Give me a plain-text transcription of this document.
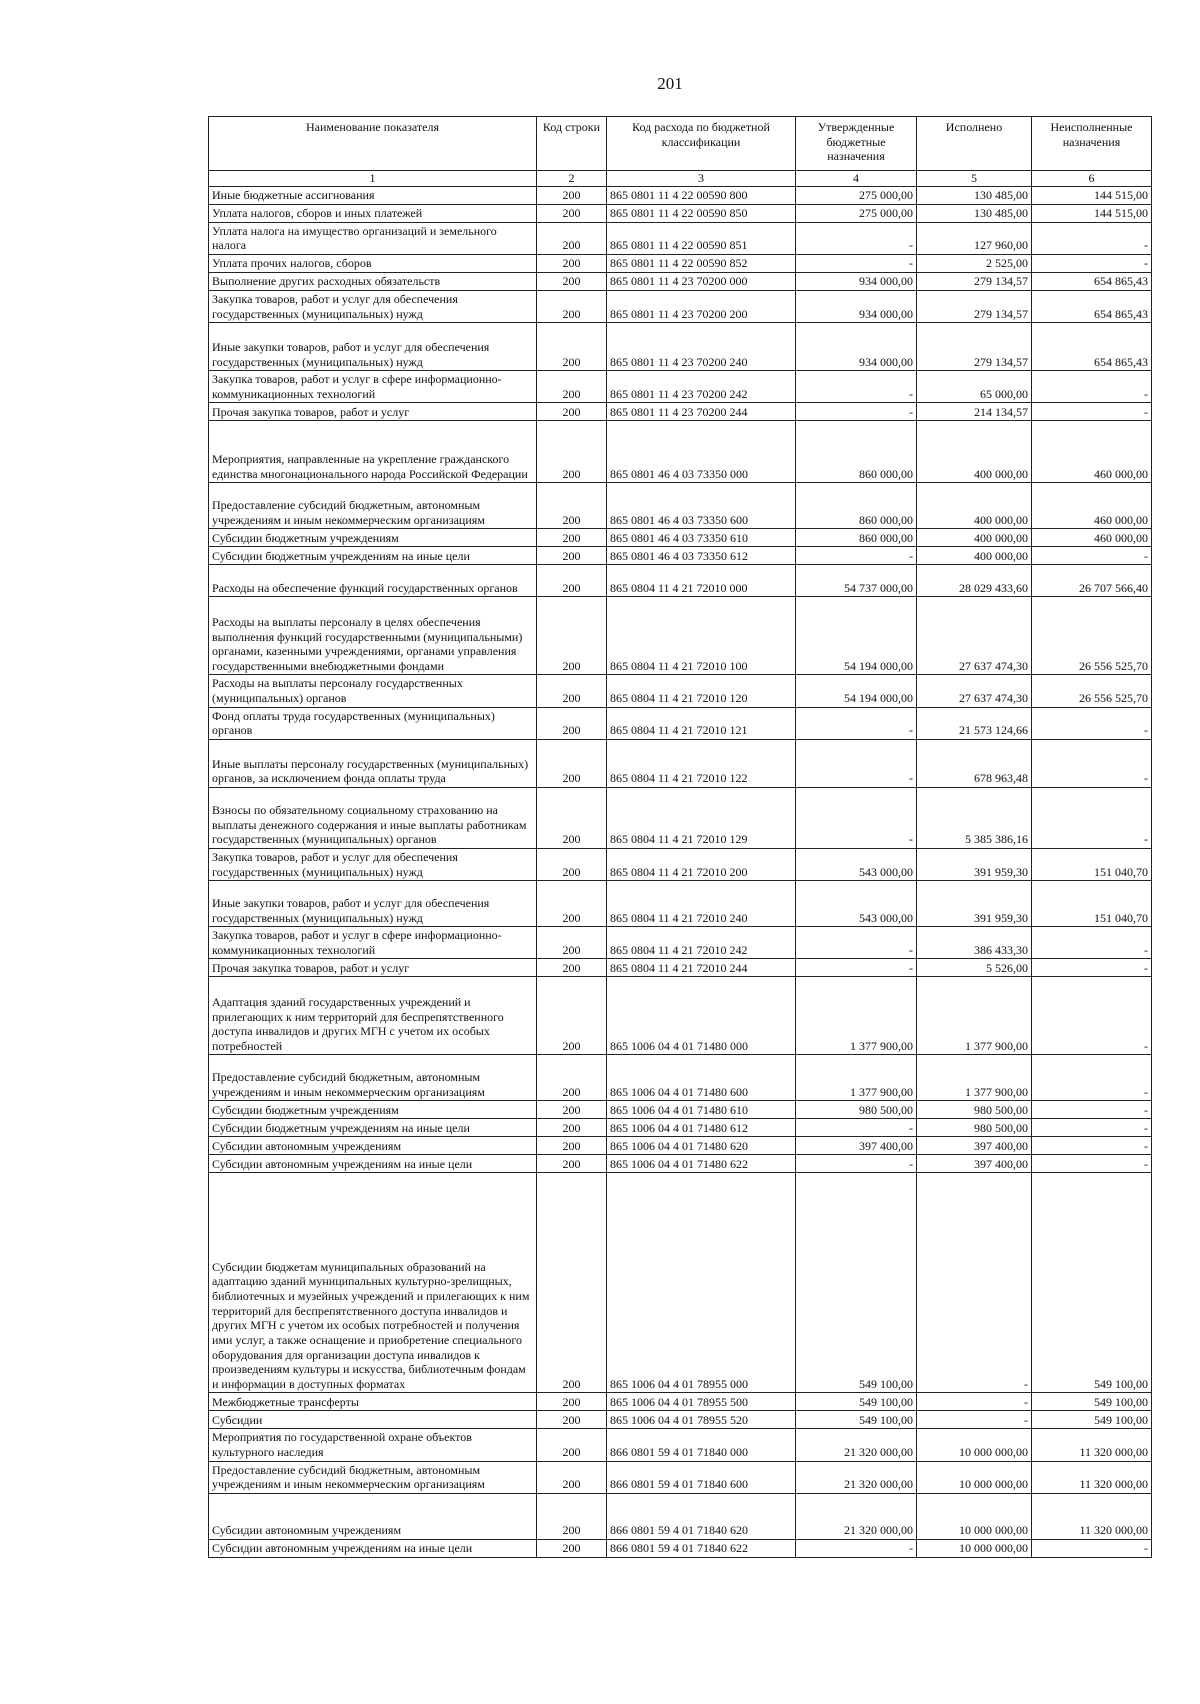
201
Наименование показателя	Код строки	Код расхода по бюджетной классификации	Утвержденные бюджетные назначения	Исполнено	Неисполненные назначения
1	2	3	4	5	6
Иные бюджетные ассигнования	200	865 0801 11 4 22 00590 800	275 000,00	130 485,00	144 515,00
Уплата налогов, сборов и иных платежей	200	865 0801 11 4 22 00590 850	275 000,00	130 485,00	144 515,00
Уплата налога на имущество организаций и земельного налога	200	865 0801 11 4 22 00590 851	-	127 960,00	-
Уплата прочих налогов, сборов	200	865 0801 11 4 22 00590 852	-	2 525,00	-
Выполнение других расходных обязательств	200	865 0801 11 4 23 70200 000	934 000,00	279 134,57	654 865,43
Закупка товаров, работ и услуг для обеспечения государственных (муниципальных) нужд	200	865 0801 11 4 23 70200 200	934 000,00	279 134,57	654 865,43
Иные закупки товаров, работ и услуг для обеспечения государственных (муниципальных) нужд	200	865 0801 11 4 23 70200 240	934 000,00	279 134,57	654 865,43
Закупка товаров, работ и услуг в сфере информационно-коммуникационных технологий	200	865 0801 11 4 23 70200 242	-	65 000,00	-
Прочая закупка товаров, работ и услуг	200	865 0801 11 4 23 70200 244	-	214 134,57	-
Мероприятия, направленные на укрепление гражданского единства многонационального народа Российской Федерации	200	865 0801 46 4 03 73350 000	860 000,00	400 000,00	460 000,00
Предоставление субсидий бюджетным, автономным учреждениям и иным некоммерческим организациям	200	865 0801 46 4 03 73350 600	860 000,00	400 000,00	460 000,00
Субсидии бюджетным учреждениям	200	865 0801 46 4 03 73350 610	860 000,00	400 000,00	460 000,00
Субсидии бюджетным учреждениям на иные цели	200	865 0801 46 4 03 73350 612	-	400 000,00	-
Расходы на обеспечение функций государственных органов	200	865 0804 11 4 21 72010 000	54 737 000,00	28 029 433,60	26 707 566,40
Расходы на выплаты персоналу в целях обеспечения выполнения функций государственными (муниципальными) органами, казенными учреждениями, органами управления государственными внебюджетными фондами	200	865 0804 11 4 21 72010 100	54 194 000,00	27 637 474,30	26 556 525,70
Расходы на выплаты персоналу государственных (муниципальных) органов	200	865 0804 11 4 21 72010 120	54 194 000,00	27 637 474,30	26 556 525,70
Фонд оплаты труда государственных (муниципальных) органов	200	865 0804 11 4 21 72010 121	-	21 573 124,66	-
Иные выплаты персоналу государственных (муниципальных) органов, за исключением фонда оплаты труда	200	865 0804 11 4 21 72010 122	-	678 963,48	-
Взносы по обязательному социальному страхованию на выплаты денежного содержания и иные выплаты работникам государственных (муниципальных) органов	200	865 0804 11 4 21 72010 129	-	5 385 386,16	-
Закупка товаров, работ и услуг для обеспечения государственных (муниципальных) нужд	200	865 0804 11 4 21 72010 200	543 000,00	391 959,30	151 040,70
Иные закупки товаров, работ и услуг для обеспечения государственных (муниципальных) нужд	200	865 0804 11 4 21 72010 240	543 000,00	391 959,30	151 040,70
Закупка товаров, работ и услуг в сфере информационно-коммуникационных технологий	200	865 0804 11 4 21 72010 242	-	386 433,30	-
Прочая закупка товаров, работ и услуг	200	865 0804 11 4 21 72010 244	-	5 526,00	-
Адаптация зданий государственных учреждений и прилегающих к ним территорий для беспрепятственного доступа инвалидов и других МГН с учетом их особых потребностей	200	865 1006 04 4 01 71480 000	1 377 900,00	1 377 900,00	-
Предоставление субсидий бюджетным, автономным учреждениям и иным некоммерческим организациям	200	865 1006 04 4 01 71480 600	1 377 900,00	1 377 900,00	-
Субсидии бюджетным учреждениям	200	865 1006 04 4 01 71480 610	980 500,00	980 500,00	-
Субсидии бюджетным учреждениям на иные цели	200	865 1006 04 4 01 71480 612	-	980 500,00	-
Субсидии автономным учреждениям	200	865 1006 04 4 01 71480 620	397 400,00	397 400,00	-
Субсидии автономным учреждениям на иные цели	200	865 1006 04 4 01 71480 622	-	397 400,00	-
Субсидии бюджетам муниципальных образований на адаптацию зданий муниципальных культурно-зрелищных, библиотечных и музейных учреждений и прилегающих к ним территорий для беспрепятственного доступа инвалидов и других МГН с учетом их особых потребностей и получения ими услуг, а также оснащение и приобретение специального оборудования для организации доступа инвалидов к произведениям культуры и искусства, библиотечным фондам и информации в доступных форматах	200	865 1006 04 4 01 78955 000	549 100,00	-	549 100,00
Межбюджетные трансферты	200	865 1006 04 4 01 78955 500	549 100,00	-	549 100,00
Субсидии	200	865 1006 04 4 01 78955 520	549 100,00	-	549 100,00
Мероприятия по государственной охране объектов культурного наследия	200	866 0801 59 4 01 71840 000	21 320 000,00	10 000 000,00	11 320 000,00
Предоставление субсидий бюджетным, автономным учреждениям и иным некоммерческим организациям	200	866 0801 59 4 01 71840 600	21 320 000,00	10 000 000,00	11 320 000,00
Субсидии автономным учреждениям	200	866 0801 59 4 01 71840 620	21 320 000,00	10 000 000,00	11 320 000,00
Субсидии автономным учреждениям на иные цели	200	866 0801 59 4 01 71840 622	-	10 000 000,00	-
